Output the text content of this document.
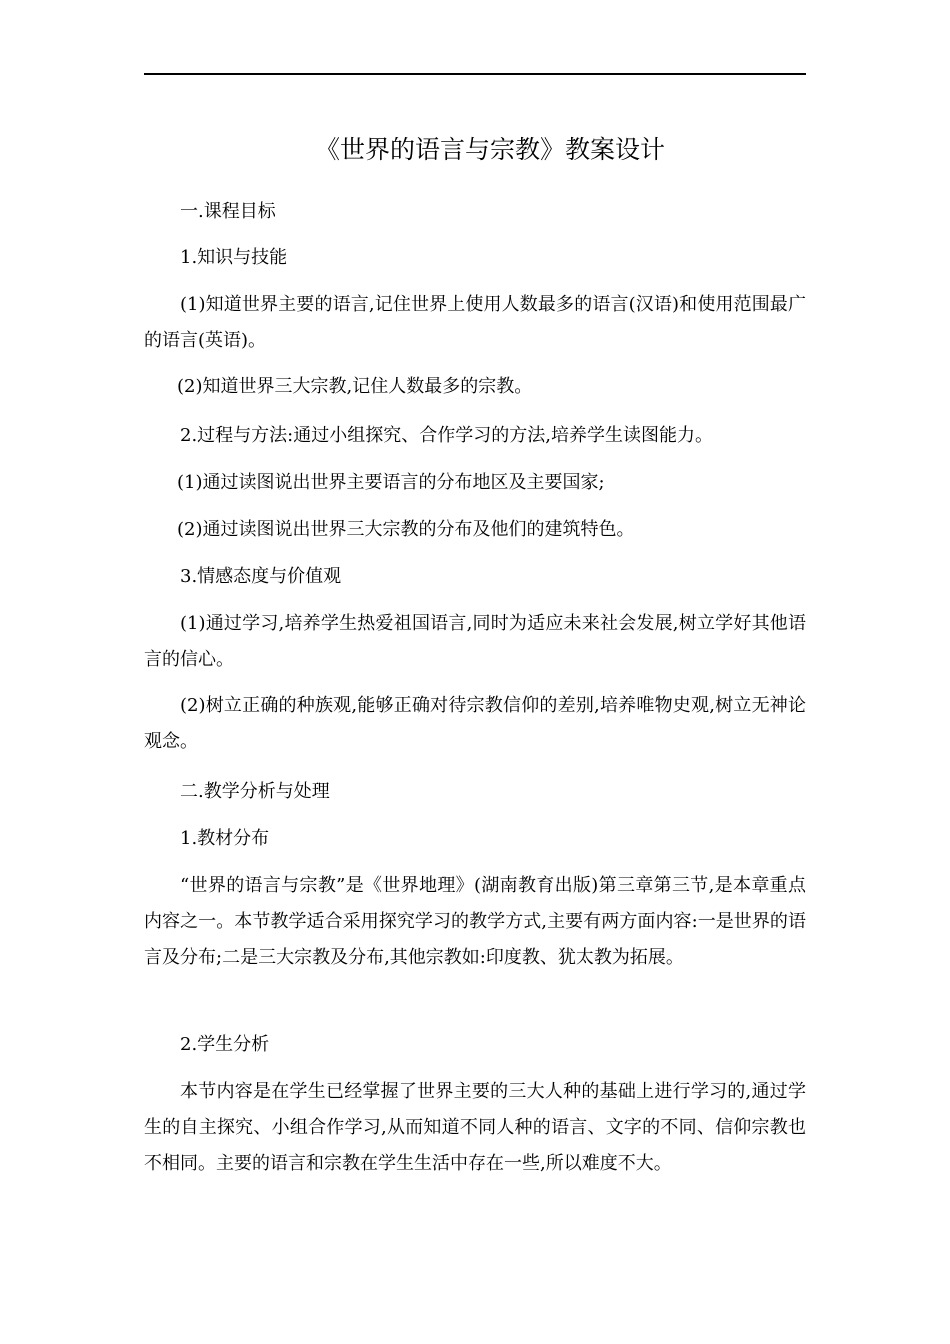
《世界的语言与宗教》教案设计

一.课程目标

1.知识与技能

(1)知道世界主要的语言,记住世界上使用人数最多的语言(汉语)和使用范围最广的语言(英语)。

(2)知道世界三大宗教,记住人数最多的宗教。

2.过程与方法:通过小组探究、合作学习的方法,培养学生读图能力。

(1)通过读图说出世界主要语言的分布地区及主要国家;

(2)通过读图说出世界三大宗教的分布及他们的建筑特色。

3.情感态度与价值观

(1)通过学习,培养学生热爱祖国语言,同时为适应未来社会发展,树立学好其他语言的信心。

(2)树立正确的种族观,能够正确对待宗教信仰的差别,培养唯物史观,树立无神论观念。

二.教学分析与处理

1.教材分布

“世界的语言与宗教”是《世界地理》(湖南教育出版)第三章第三节,是本章重点内容之一。本节教学适合采用探究学习的教学方式,主要有两方面内容:一是世界的语言及分布;二是三大宗教及分布,其他宗教如:印度教、犹太教为拓展。

2.学生分析

本节内容是在学生已经掌握了世界主要的三大人种的基础上进行学习的,通过学生的自主探究、小组合作学习,从而知道不同人种的语言、文字的不同、信仰宗教也不相同。主要的语言和宗教在学生生活中存在一些,所以难度不大。
